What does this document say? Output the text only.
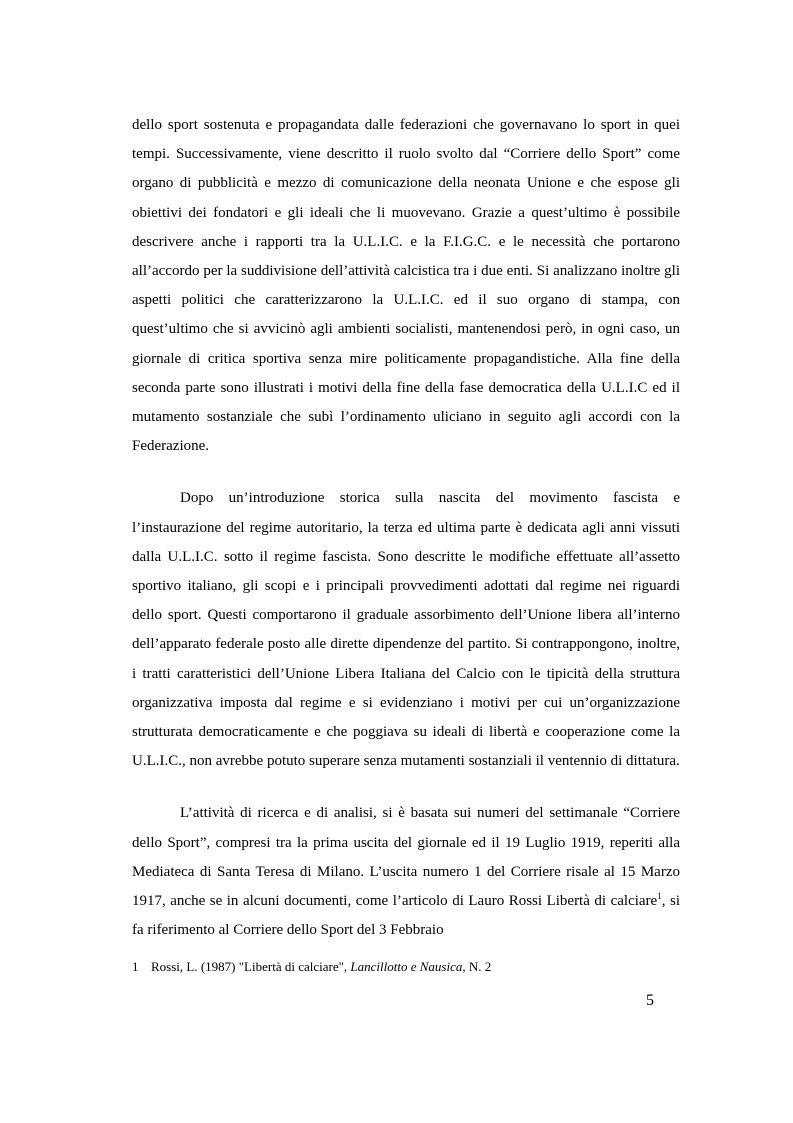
dello sport sostenuta e propagandata dalle federazioni che governavano lo sport in quei tempi. Successivamente, viene descritto il ruolo svolto dal “Corriere dello Sport” come organo di pubblicità e mezzo di comunicazione della neonata Unione e che espose gli obiettivi dei fondatori e gli ideali che li muovevano. Grazie a quest’ultimo è possibile descrivere anche i rapporti tra la U.L.I.C. e la F.I.G.C. e le necessità che portarono all’accordo per la suddivisione dell’attività calcistica tra i due enti. Si analizzano inoltre gli aspetti politici che caratterizzarono la U.L.I.C. ed il suo organo di stampa, con quest’ultimo che si avvicinò agli ambienti socialisti, mantenendosi però, in ogni caso, un giornale di critica sportiva senza mire politicamente propagandistiche. Alla fine della seconda parte sono illustrati i motivi della fine della fase democratica della U.L.I.C ed il mutamento sostanziale che subì l’ordinamento uliciano in seguito agli accordi con la Federazione.

Dopo un’introduzione storica sulla nascita del movimento fascista e l’instaurazione del regime autoritario, la terza ed ultima parte è dedicata agli anni vissuti dalla U.L.I.C. sotto il regime fascista. Sono descritte le modifiche effettuate all’assetto sportivo italiano, gli scopi e i principali provvedimenti adottati dal regime nei riguardi dello sport. Questi comportarono il graduale assorbimento dell’Unione libera all’interno dell’apparato federale posto alle dirette dipendenze del partito. Si contrappongono, inoltre, i tratti caratteristici dell’Unione Libera Italiana del Calcio con le tipicità della struttura organizzativa imposta dal regime e si evidenziano i motivi per cui un’organizzazione strutturata democraticamente e che poggiava su ideali di libertà e cooperazione come la U.L.I.C., non avrebbe potuto superare senza mutamenti sostanziali il ventennio di dittatura.

L’attività di ricerca e di analisi, si è basata sui numeri del settimanale “Corriere dello Sport”, compresi tra la prima uscita del giornale ed il 19 Luglio 1919, reperiti alla Mediateca di Santa Teresa di Milano. L’uscita numero 1 del Corriere risale al 15 Marzo 1917, anche se in alcuni documenti, come l’articolo di Lauro Rossi Libertà di calciare$^1$, si fa riferimento al Corriere dello Sport del 3 Febbraio

1 Rossi, L. (1987) "Libertà di calciare", Lancillotto e Nausica, N. 2
5
